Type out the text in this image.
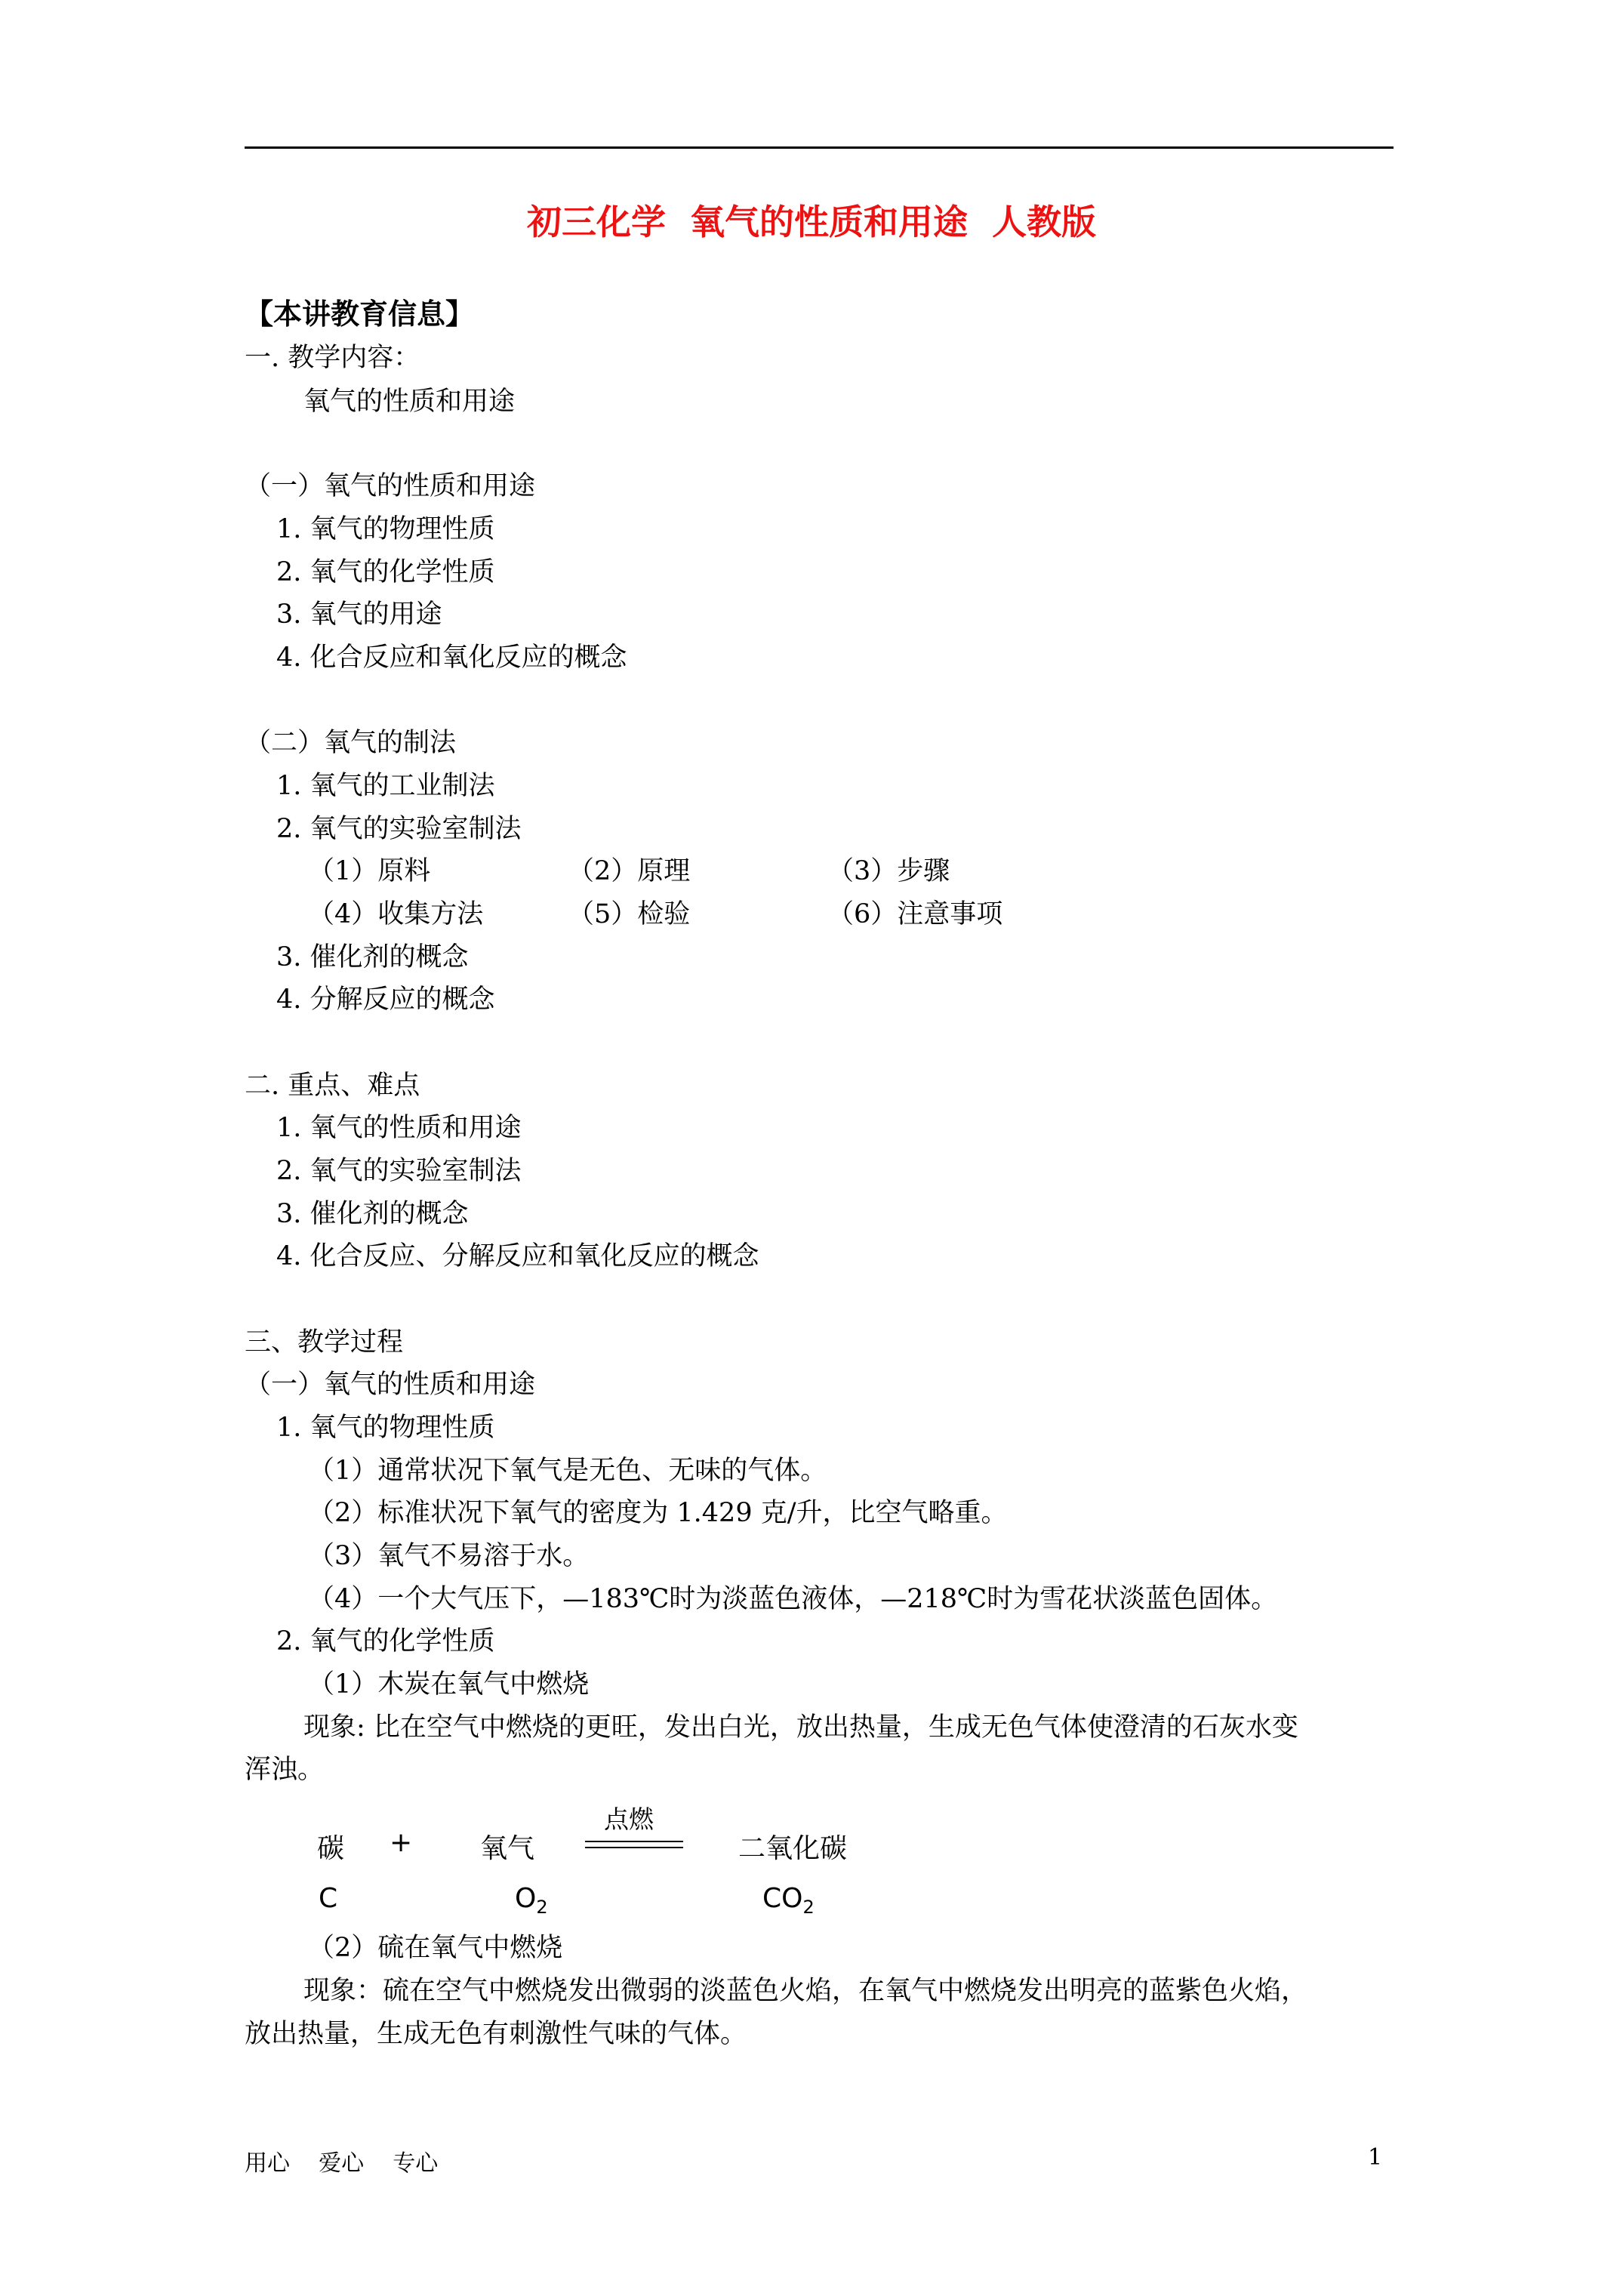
初三化学  氧气的性质和用途  人教版
【本讲教育信息】
一. 教学内容：
氧气的性质和用途
（一）氧气的性质和用途
1. 氧气的物理性质
2. 氧气的化学性质
3. 氧气的用途
4. 化合反应和氧化反应的概念
（二）氧气的制法
1. 氧气的工业制法
2. 氧气的实验室制法
（1）原料	（2）原理	（3）步骤
（4）收集方法	（5）检验	（6）注意事项
3. 催化剂的概念
4. 分解反应的概念
二. 重点、难点
1. 氧气的性质和用途
2. 氧气的实验室制法
3. 催化剂的概念
4. 化合反应、分解反应和氧化反应的概念
三、教学过程
（一）氧气的性质和用途
1. 氧气的物理性质
（1）通常状况下氧气是无色、无味的气体。
（2）标准状况下氧气的密度为 1.429 克/升，比空气略重。
（3）氧气不易溶于水。
（4）一个大气压下，—183℃时为淡蓝色液体，—218℃时为雪花状淡蓝色固体。
2. 氧气的化学性质
（1）木炭在氧气中燃烧
现象: 比在空气中燃烧的更旺，发出白光，放出热量，生成无色气体使澄清的石灰水变
浑浊。
碳 + 氧气
点燃
二氧化碳
C	$O_2$	$CO_2$
（2）硫在氧气中燃烧
现象：硫在空气中燃烧发出微弱的淡蓝色火焰，在氧气中燃烧发出明亮的蓝紫色火焰，
放出热量，生成无色有刺激性气味的气体。
用心    爱心    专心	1
